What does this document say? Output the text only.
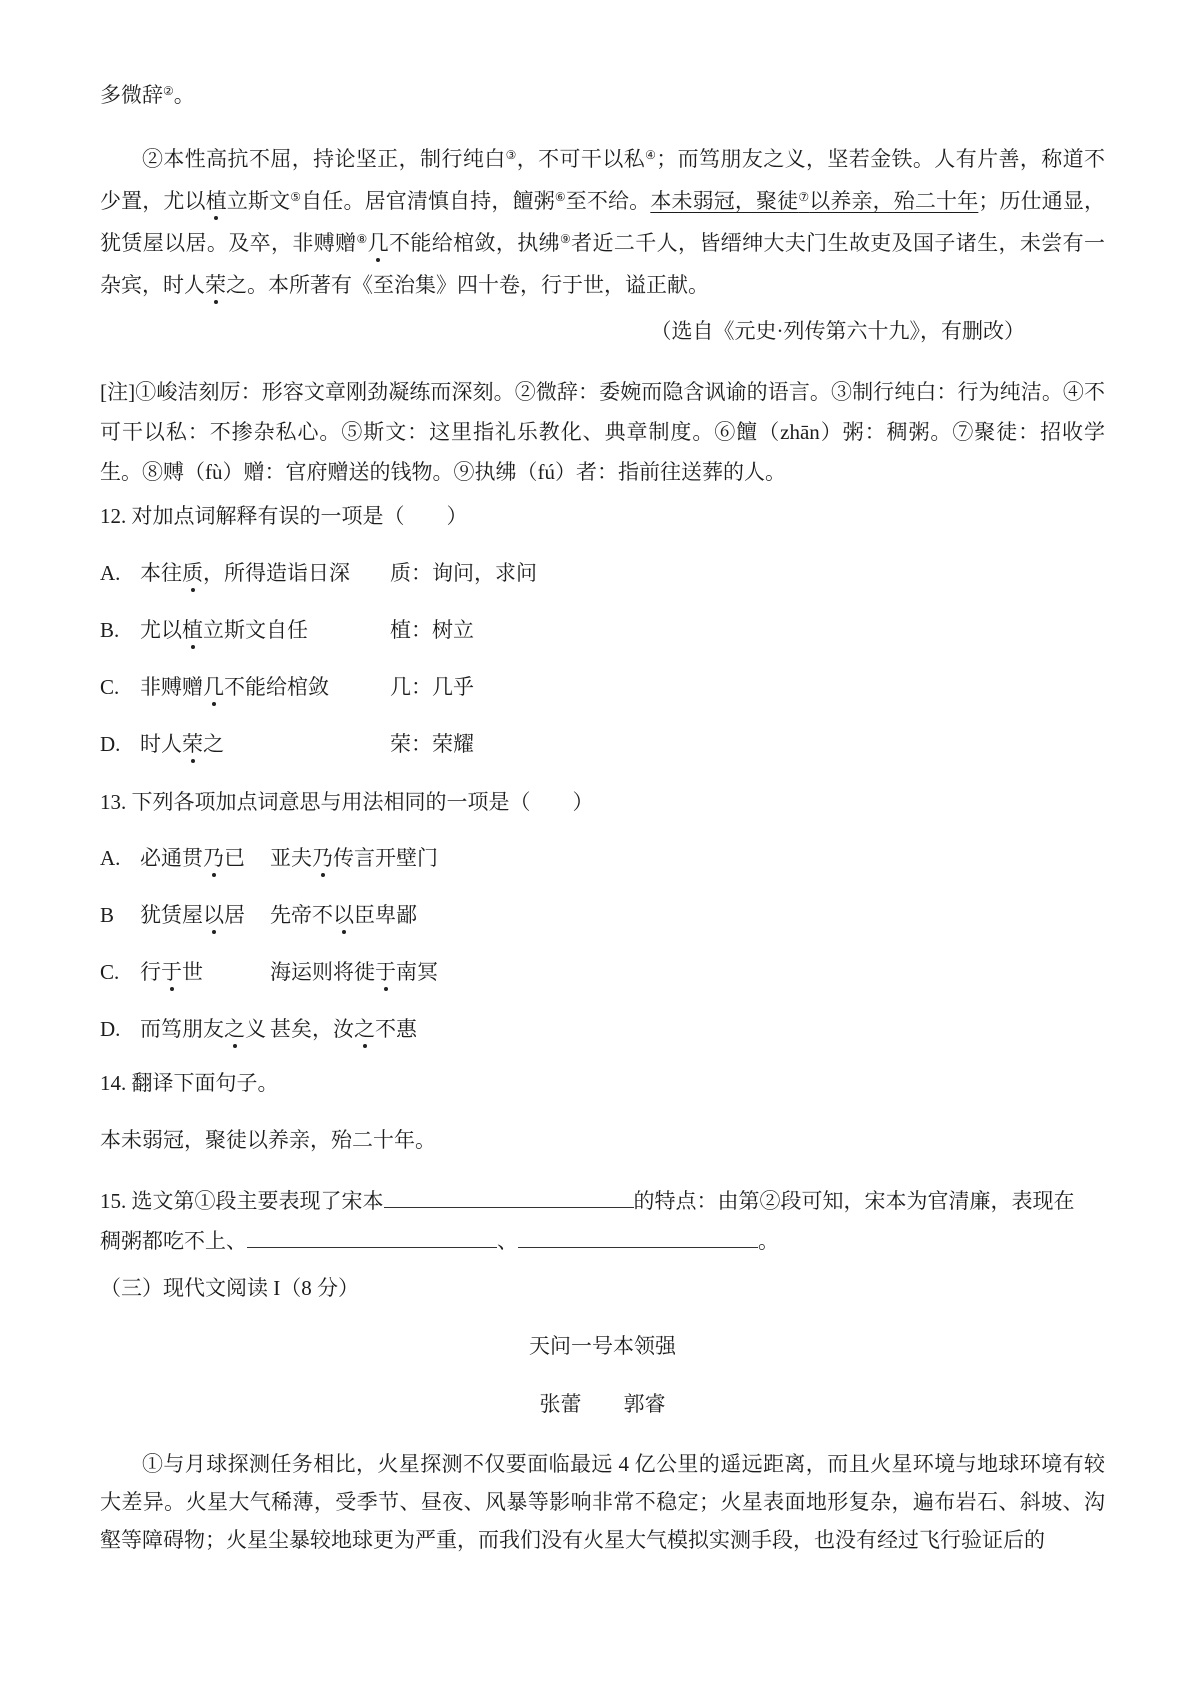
多微辞②。
②本性高抗不屈，持论坚正，制行纯白③，不可干以私④；而笃朋友之义，坚若金铁。人有片善，称道不少置，尤以植立斯文⑤自任。居官清慎自持，饘粥⑥至不给。本未弱冠，聚徒⑦以养亲，殆二十年；历仕通显，犹赁屋以居。及卒，非赙赠⑧几不能给棺敛，执绋⑨者近二千人，皆缙绅大夫门生故吏及国子诸生，未尝有一杂宾，时人荣之。本所著有《至治集》四十卷，行于世，谥正献。
（选自《元史·列传第六十九》，有删改）
[注]①峻洁刻厉：形容文章刚劲凝练而深刻。②微辞：委婉而隐含讽谕的语言。③制行纯白：行为纯洁。④不可干以私：不掺杂私心。⑤斯文：这里指礼乐教化、典章制度。⑥饘（zhān）粥：稠粥。⑦聚徒：招收学生。⑧赙（fù）赠：官府赠送的钱物。⑨执绋（fú）者：指前往送葬的人。
12. 对加点词解释有误的一项是（　　）
A. 本往质，所得造诣日深 质：询问，求问
B. 尤以植立斯文自任	植：树立
C. 非赙赠几不能给棺敛	几：几乎
D. 时人荣之	荣：荣耀
13. 下列各项加点词意思与用法相同的一项是（　　）
A. 必通贯乃已 亚夫乃传言开壁门
B 犹赁屋以居 先帝不以臣卑鄙
C. 行于世	海运则将徙于南冥
D. 而笃朋友之义 甚矣，汝之不惠
14. 翻译下面句子。
本未弱冠，聚徒以养亲，殆二十年。
15. 选文第①段主要表现了宋本	的特点：由第②段可知，宋本为官清廉，表现在
稠粥都吃不上、	、	。
（三）现代文阅读 I（8 分）
天问一号本领强
张蕾　　郭睿
①与月球探测任务相比，火星探测不仅要面临最远 4 亿公里的遥远距离，而且火星环境与地球环境有较大差异。火星大气稀薄，受季节、昼夜、风暴等影响非常不稳定；火星表面地形复杂，遍布岩石、斜坡、沟壑等障碍物；火星尘暴较地球更为严重，而我们没有火星大气模拟实测手段，也没有经过飞行验证后的
